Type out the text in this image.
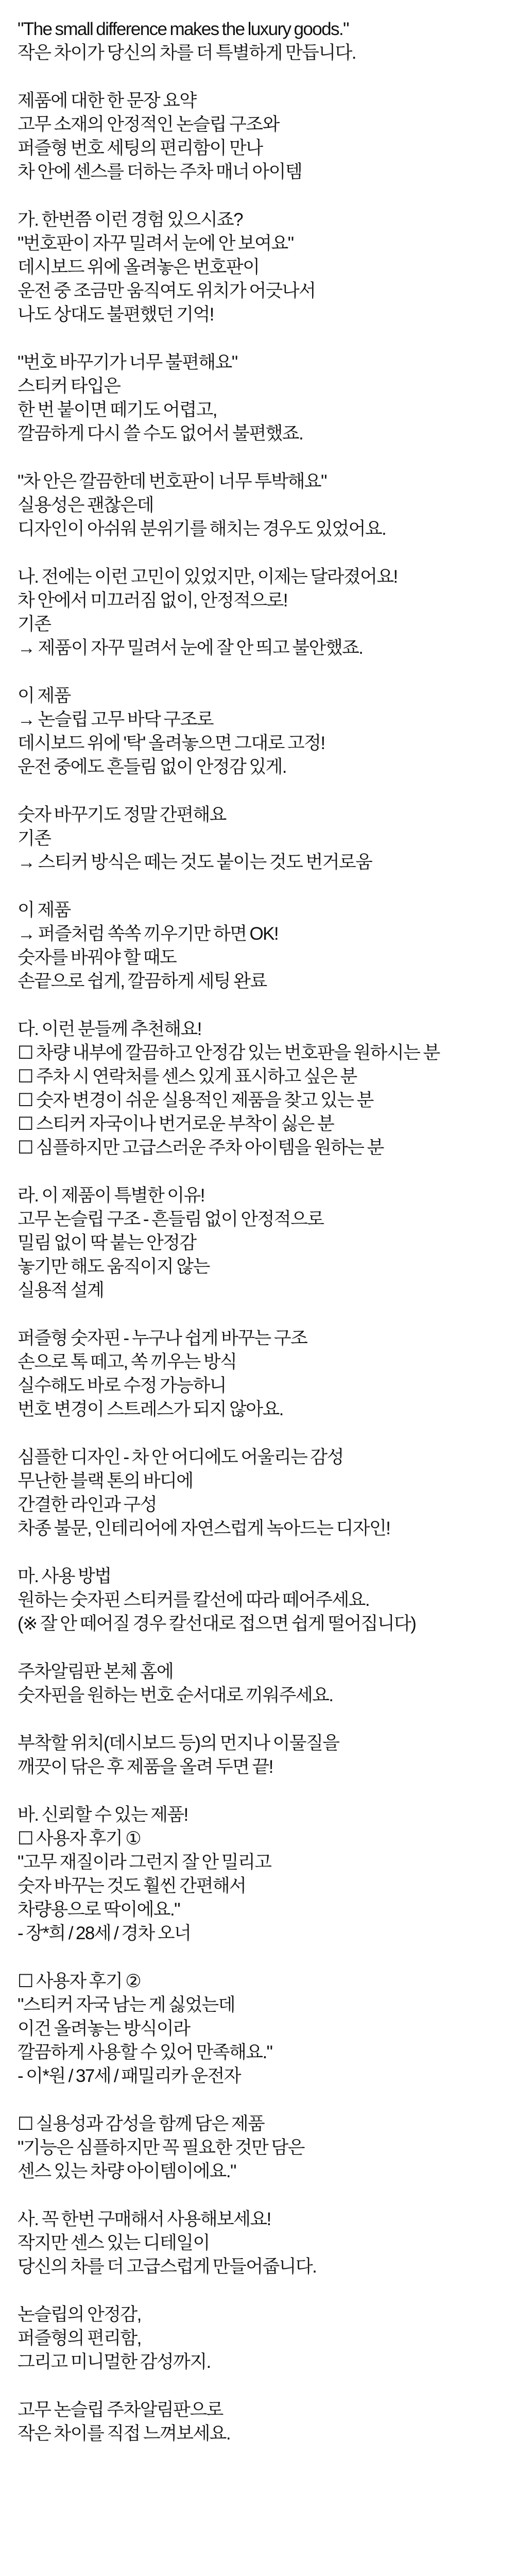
"The small difference makes the luxury goods."
작은 차이가 당신의 차를 더 특별하게 만듭니다.
제품에 대한 한 문장 요약
고무 소재의 안정적인 논슬립 구조와
퍼즐형 번호 세팅의 편리함이 만나
차 안에 센스를 더하는 주차 매너 아이템
가. 한번쯤 이런 경험 있으시죠?
"번호판이 자꾸 밀려서 눈에 안 보여요"
데시보드 위에 올려놓은 번호판이
운전 중 조금만 움직여도 위치가 어긋나서
나도 상대도 불편했던 기억!
"번호 바꾸기가 너무 불편해요"
스티커 타입은
한 번 붙이면 떼기도 어렵고,
깔끔하게 다시 쓸 수도 없어서 불편했죠.
"차 안은 깔끔한데 번호판이 너무 투박해요"
실용성은 괜찮은데
디자인이 아쉬워 분위기를 해치는 경우도 있었어요.
나. 전에는 이런 고민이 있었지만, 이제는 달라졌어요!
차 안에서 미끄러짐 없이, 안정적으로!
기존
→ 제품이 자꾸 밀려서 눈에 잘 안 띄고 불안했죠.
이 제품
→ 논슬립 고무 바닥 구조로
데시보드 위에 '탁' 올려놓으면 그대로 고정!
운전 중에도 흔들림 없이 안정감 있게.
숫자 바꾸기도 정말 간편해요
기존
→ 스티커 방식은 떼는 것도 붙이는 것도 번거로움
이 제품
→ 퍼즐처럼 쏙쏙 끼우기만 하면 OK!
숫자를 바꿔야 할 때도
손끝으로 쉽게, 깔끔하게 세팅 완료
다. 이런 분들께 추천해요!
☐ 차량 내부에 깔끔하고 안정감 있는 번호판을 원하시는 분
☐ 주차 시 연락처를 센스 있게 표시하고 싶은 분
☐ 숫자 변경이 쉬운 실용적인 제품을 찾고 있는 분
☐ 스티커 자국이나 번거로운 부착이 싫은 분
☐ 심플하지만 고급스러운 주차 아이템을 원하는 분
라. 이 제품이 특별한 이유!
고무 논슬립 구조 - 흔들림 없이 안정적으로
밀림 없이 딱 붙는 안정감
놓기만 해도 움직이지 않는
실용적 설계
퍼즐형 숫자핀 - 누구나 쉽게 바꾸는 구조
손으로 톡 떼고, 쏙 끼우는 방식
실수해도 바로 수정 가능하니
번호 변경이 스트레스가 되지 않아요.
심플한 디자인 - 차 안 어디에도 어울리는 감성
무난한 블랙 톤의 바디에
간결한 라인과 구성
차종 불문, 인테리어에 자연스럽게 녹아드는 디자인!
마. 사용 방법
원하는 숫자핀 스티커를 칼선에 따라 떼어주세요.
(※ 잘 안 떼어질 경우 칼선대로 접으면 쉽게 떨어집니다)
주차알림판 본체 홈에
숫자핀을 원하는 번호 순서대로 끼워주세요.
부착할 위치(데시보드 등)의 먼지나 이물질을
깨끗이 닦은 후 제품을 올려 두면 끝!
바. 신뢰할 수 있는 제품!
☐ 사용자 후기 ①
"고무 재질이라 그런지 잘 안 밀리고
숫자 바꾸는 것도 훨씬 간편해서
차량용으로 딱이에요."
- 장*희 / 28세 / 경차 오너
☐ 사용자 후기 ②
"스티커 자국 남는 게 싫었는데
이건 올려놓는 방식이라
깔끔하게 사용할 수 있어 만족해요."
- 이*원 / 37세 / 패밀리카 운전자
☐ 실용성과 감성을 함께 담은 제품
"기능은 심플하지만 꼭 필요한 것만 담은
센스 있는 차량 아이템이에요."
사. 꼭 한번 구매해서 사용해보세요!
작지만 센스 있는 디테일이
당신의 차를 더 고급스럽게 만들어줍니다.
논슬립의 안정감,
퍼즐형의 편리함,
그리고 미니멀한 감성까지.
고무 논슬립 주차알림판으로
작은 차이를 직접 느껴보세요.
